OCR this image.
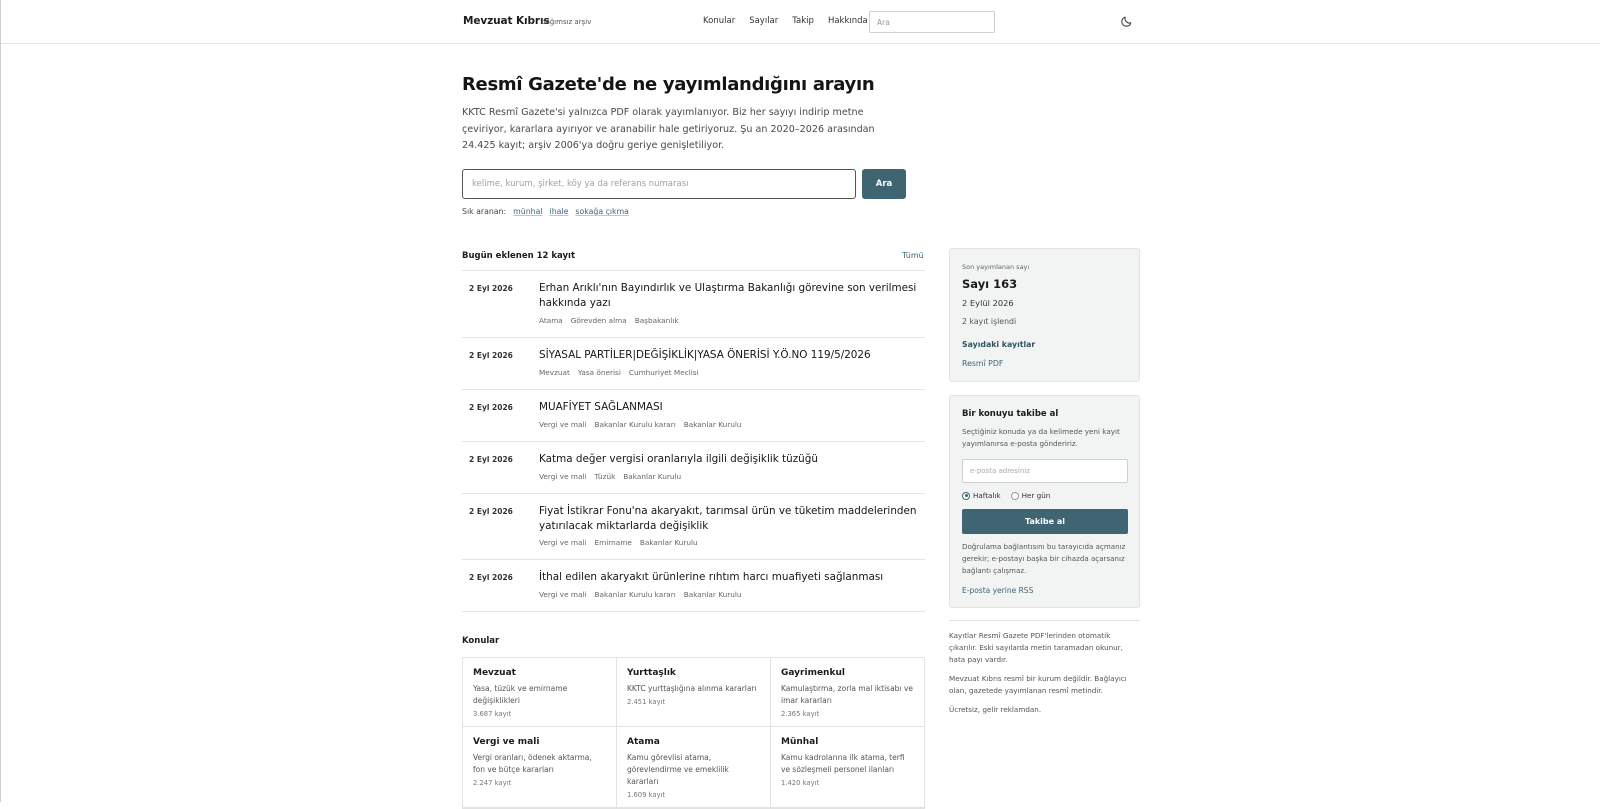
Mevzuat Kıbrıs
bağımsız arşiv	Konular Sayılar Takip Hakkında
Ara
Resmî Gazete'de ne yayımlandığını arayın

KKTC Resmî Gazete'si yalnızca PDF olarak yayımlanıyor. Biz her sayıyı indirip metne çeviriyor, kararlara ayırıyor ve aranabilir hale getiriyoruz. Şu an 2020–2026 arasından 24.425 kayıt; arşiv 2006'ya doğru geriye genişletiliyor.

kelime, kurum, şirket, köy ya da referans numarası
Ara
Sık aranan: münhal ihale sokağa çıkma
Bugün eklenen 12 kayıt	Tümü
2 Eyl 2026	Erhan Arıklı'nın Bayındırlık ve Ulaştırma Bakanlığı görevine son verilmesi hakkında yazı
Atama Görevden alma Başbakanlık
2 Eyl 2026	SİYASAL PARTİLER|DEĞİŞİKLİK|YASA ÖNERİSİ Y.Ö.NO 119/5/2026
Mevzuat Yasa önerisi Cumhuriyet Meclisi
2 Eyl 2026	MUAFİYET SAĞLANMASI
Vergi ve mali Bakanlar Kurulu kararı Bakanlar Kurulu
2 Eyl 2026	Katma değer vergisi oranlarıyla ilgili değişiklik tüzüğü
Vergi ve mali Tüzük Bakanlar Kurulu
2 Eyl 2026	Fiyat İstikrar Fonu'na akaryakıt, tarımsal ürün ve tüketim maddelerinden yatırılacak miktarlarda değişiklik
Vergi ve mali Emirname Bakanlar Kurulu
2 Eyl 2026	İthal edilen akaryakıt ürünlerine rıhtım harcı muafiyeti sağlanması
Vergi ve mali Bakanlar Kurulu kararı Bakanlar Kurulu
Konular
Mevzuat
Yasa, tüzük ve emirname değişiklikleri
3.687 kayıt
Yurttaşlık
KKTC yurttaşlığına alınma kararları
2.451 kayıt
Gayrimenkul
Kamulaştırma, zorla mal iktisabı ve imar kararları
2.365 kayıt
Vergi ve mali
Vergi oranları, ödenek aktarma, fon ve bütçe kararları
2.247 kayıt
Atama
Kamu görevlisi atama, görevlendirme ve emeklilik kararları
1.609 kayıt
Münhal
Kamu kadrolarına ilk atama, terfi ve sözleşmeli personel ilanları
1.420 kayıt
Son yayımlanan sayı
Sayı 163
2 Eylül 2026
2 kayıt işlendi
Sayıdaki kayıtlar
Resmî PDF
Bir konuyu takibe al

Seçtiğiniz konuda ya da kelimede yeni kayıt yayımlanırsa e-posta göndeririz.

e-posta adresiniz
Haftalık	Her gün
Takibe al

Doğrulama bağlantısını bu tarayıcıda açmanız gerekir; e-postayı başka bir cihazda açarsanız bağlantı çalışmaz.

E-posta yerine RSS

Kayıtlar Resmî Gazete PDF'lerinden otomatik çıkarılır. Eski sayılarda metin taramadan okunur, hata payı vardır.

Mevzuat Kıbrıs resmî bir kurum değildir. Bağlayıcı olan, gazetede yayımlanan resmî metindir.

Ücretsiz, gelir reklamdan.
